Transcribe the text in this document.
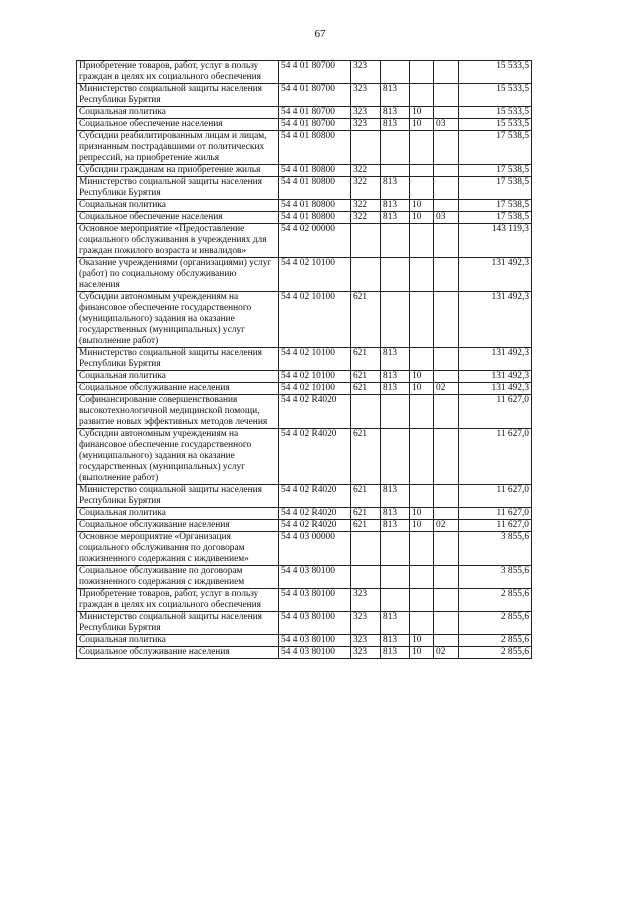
67
Приобретение товаров, работ, услуг в пользу граждан в целях их социального обеспечения	54 4 01 80700	323				15 533,5
Министерство социальной защиты населения Республики Бурятия	54 4 01 80700	323	813			15 533,5
Социальная политика	54 4 01 80700	323	813	10		15 533,5
Социальное обеспечение населения	54 4 01 80700	323	813	10	03	15 533,5
Субсидии реабилитированным лицам и лицам, признанным пострадавшими от политических репрессий, на приобретение жилья	54 4 01 80800					17 538,5
Субсидии гражданам на приобретение жилья	54 4 01 80800	322				17 538,5
Министерство социальной защиты населения Республики Бурятия	54 4 01 80800	322	813			17 538,5
Социальная политика	54 4 01 80800	322	813	10		17 538,5
Социальное обеспечение населения	54 4 01 80800	322	813	10	03	17 538,5
Основное мероприятие «Предоставление социального обслуживания в учреждениях для граждан пожилого возраста и инвалидов»	54 4 02 00000					143 119,3
Оказание учреждениями (организациями) услуг (работ) по социальному обслуживанию населения	54 4 02 10100					131 492,3
Субсидии автономным учреждениям на финансовое обеспечение государственного (муниципального) задания на оказание государственных (муниципальных) услуг (выполнение работ)	54 4 02 10100	621				131 492,3
Министерство социальной защиты населения Республики Бурятия	54 4 02 10100	621	813			131 492,3
Социальная политика	54 4 02 10100	621	813	10		131 492,3
Социальное обслуживание населения	54 4 02 10100	621	813	10	02	131 492,3
Софинансирование совершенствования высокотехнологичной медицинской помощи, развитие новых эффективных методов лечения	54 4 02 R4020					11 627,0
Субсидии автономным учреждениям на финансовое обеспечение государственного (муниципального) задания на оказание государственных (муниципальных) услуг (выполнение работ)	54 4 02 R4020	621				11 627,0
Министерство социальной защиты населения Республики Бурятия	54 4 02 R4020	621	813			11 627,0
Социальная политика	54 4 02 R4020	621	813	10		11 627,0
Социальное обслуживание населения	54 4 02 R4020	621	813	10	02	11 627,0
Основное мероприятие «Организация социального обслуживания по договорам пожизненного содержания с иждивением»	54 4 03 00000					3 855,6
Социальное обслуживание по договорам пожизненного содержания с иждивением	54 4 03 80100					3 855,6
Приобретение товаров, работ, услуг в пользу граждан в целях их социального обеспечения	54 4 03 80100	323				2 855,6
Министерство социальной защиты населения Республики Бурятия	54 4 03 80100	323	813			2 855,6
Социальная политика	54 4 03 80100	323	813	10		2 855,6
Социальное обслуживание населения	54 4 03 80100	323	813	10	02	2 855,6
